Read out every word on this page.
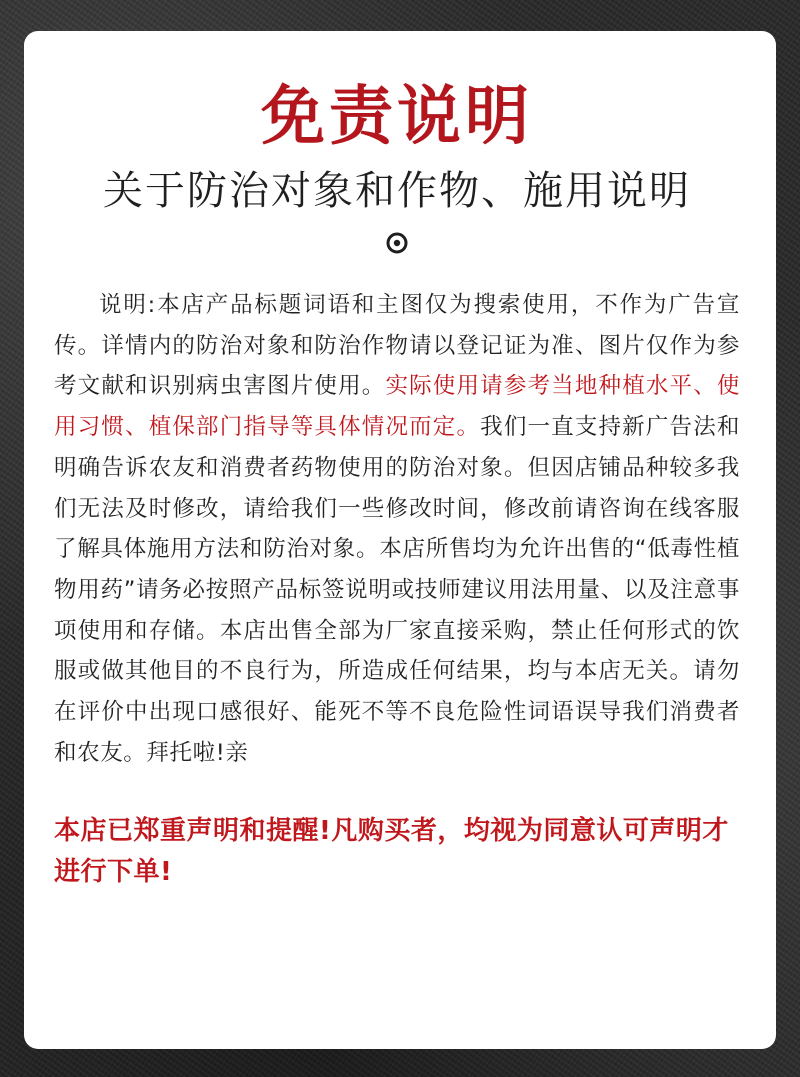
免责说明
关于防治对象和作物、施用说明

说明:本店产品标题词语和主图仅为搜索使用，不作为广告宣传。详情内的防治对象和防治作物请以登记证为准、图片仅作为参考文献和识别病虫害图片使用。实际使用请参考当地种植水平、使用习惯、植保部门指导等具体情况而定。我们一直支持新广告法和明确告诉农友和消费者药物使用的防治对象。但因店铺品种较多我们无法及时修改，请给我们一些修改时间，修改前请咨询在线客服了解具体施用方法和防治对象。本店所售均为允许出售的“低毒性植物用药”请务必按照产品标签说明或技师建议用法用量、以及注意事项使用和存储。本店出售全部为厂家直接采购，禁止任何形式的饮服或做其他目的不良行为，所造成任何结果，均与本店无关。请勿在评价中出现口感很好、能死不等不良危险性词语误导我们消费者和农友。拜托啦!亲

本店已郑重声明和提醒!凡购买者，均视为同意认可声明才进行下单!
